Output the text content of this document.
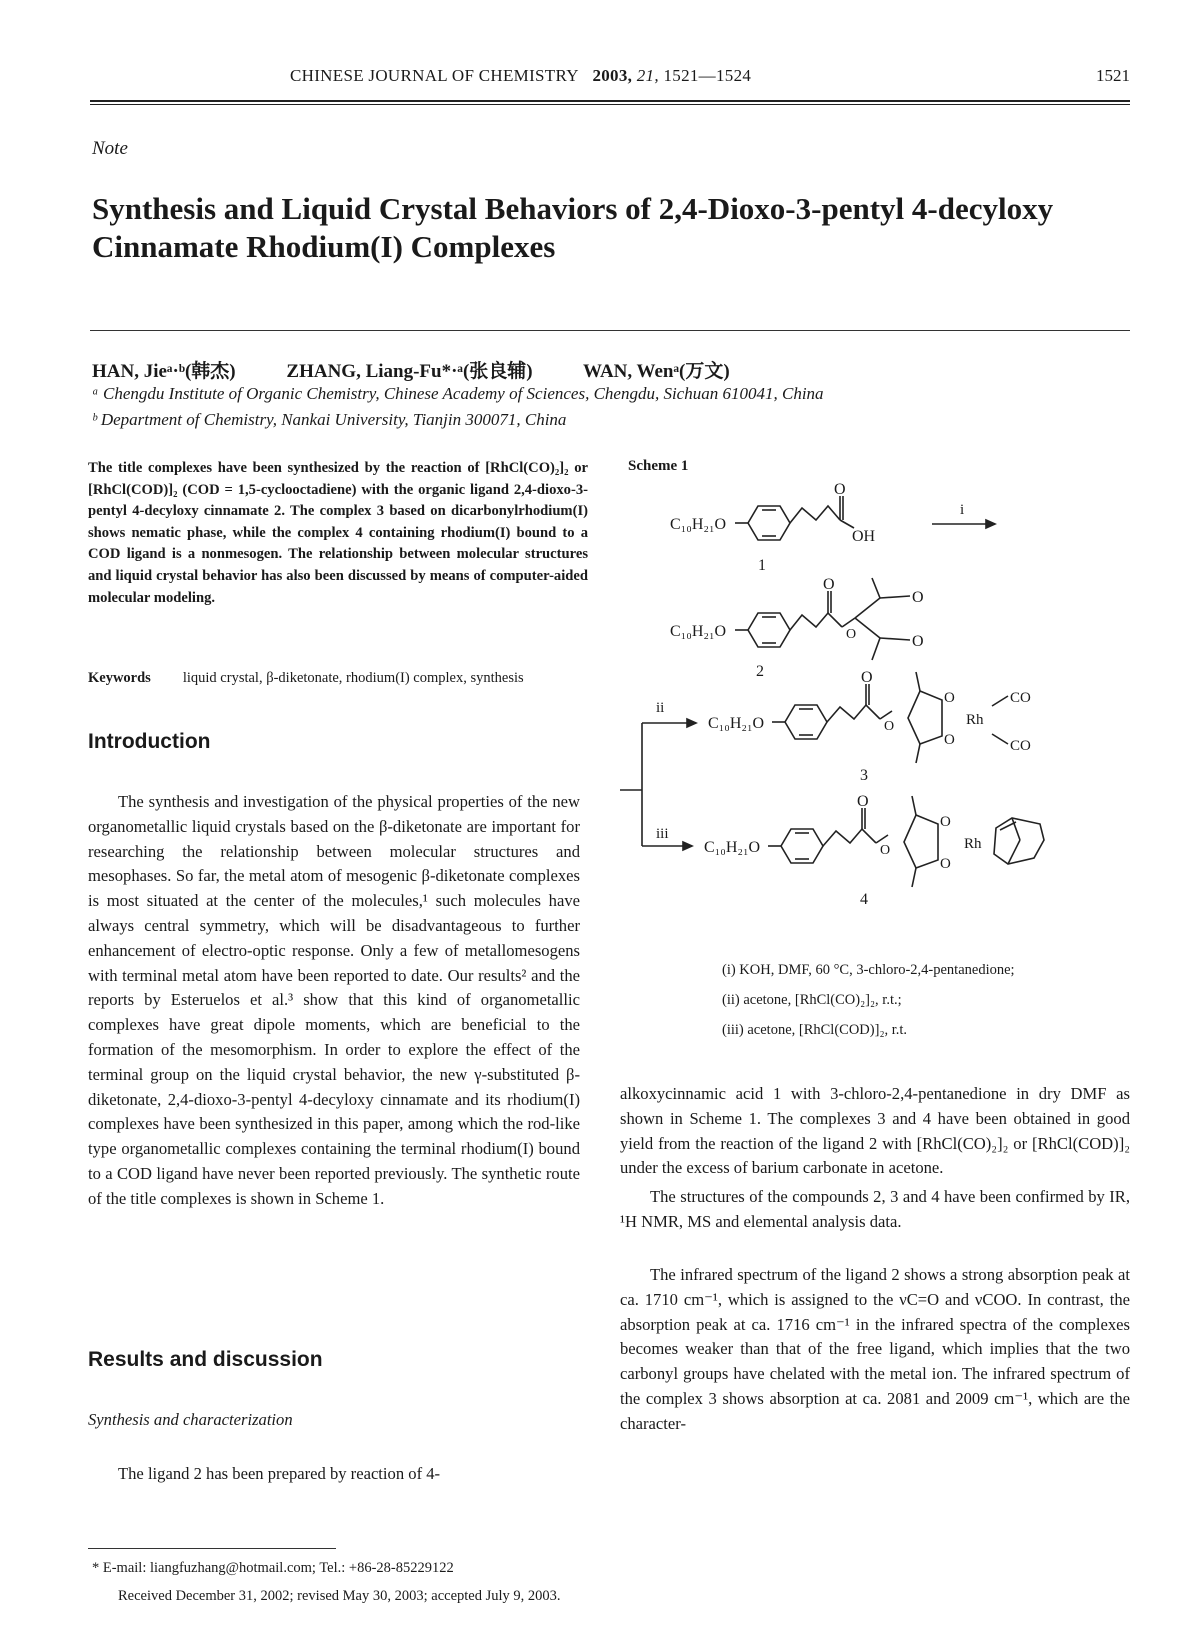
CHINESE JOURNAL OF CHEMISTRY 2003, 21, 1521—1524	1521
Note
Synthesis and Liquid Crystal Behaviors of 2,4-Dioxo-3-pentyl 4-decyloxy Cinnamate Rhodium(I) Complexes
HAN, Jieᵃ·ᵇ(韩杰)	ZHANG, Liang-Fu*·ᵃ(张良辅)	WAN, Wenᵃ(万文)
ᵃ Chengdu Institute of Organic Chemistry, Chinese Academy of Sciences, Chengdu, Sichuan 610041, China
ᵇ Department of Chemistry, Nankai University, Tianjin 300071, China
The title complexes have been synthesized by the reaction of [RhCl(CO)₂]₂ or [RhCl(COD)]₂ (COD = 1,5-cyclooctadiene) with the organic ligand 2,4-dioxo-3-pentyl 4-decyloxy cinnamate 2. The complex 3 based on dicarbonylrhodium(I) shows nematic phase, while the complex 4 containing rhodium(I) bound to a COD ligand is a nonmesogen. The relationship between molecular structures and liquid crystal behavior has also been discussed by means of computer-aided molecular modeling.
Keywords liquid crystal, β-diketonate, rhodium(I) complex, synthesis
Introduction

The synthesis and investigation of the physical properties of the new organometallic liquid crystals based on the β-diketonate are important for researching the relationship between molecular structures and mesophases. So far, the metal atom of mesogenic β-diketonate complexes is most situated at the center of the molecules,¹ such molecules have always central symmetry, which will be disadvantageous to further enhancement of electro-optic response. Only a few of metallomesogens with terminal metal atom have been reported to date. Our results² and the reports by Esteruelos et al.³ show that this kind of organometallic complexes have great dipole moments, which are beneficial to the formation of the mesomorphism. In order to explore the effect of the terminal group on the liquid crystal behavior, the new γ-substituted β-diketonate, 2,4-dioxo-3-pentyl 4-decyloxy cinnamate and its rhodium(I) complexes have been synthesized in this paper, among which the rod-like type organometallic complexes containing the terminal rhodium(I) bound to a COD ligand have never been reported previously. The synthetic route of the title complexes is shown in Scheme 1.

Results and discussion
Synthesis and characterization

The ligand 2 has been prepared by reaction of 4-

Scheme 1
C₁₀H₂₁O
O
OH
1
i
C₁₀H₂₁O
O
O
O
O
2
ii
C₁₀H₂₁O
O
O
O
O
Rh
CO
CO
3
iii
C₁₀H₂₁O
O
O
O
O
Rh
4
(i) KOH, DMF, 60 °C, 3-chloro-2,4-pentanedione;
(ii) acetone, [RhCl(CO)₂]₂, r.t.;
(iii) acetone, [RhCl(COD)]₂, r.t.

alkoxycinnamic acid 1 with 3-chloro-2,4-pentanedione in dry DMF as shown in Scheme 1. The complexes 3 and 4 have been obtained in good yield from the reaction of the ligand 2 with [RhCl(CO)₂]₂ or [RhCl(COD)]₂ under the excess of barium carbonate in acetone.

The structures of the compounds 2, 3 and 4 have been confirmed by IR, ¹H NMR, MS and elemental analysis data.

The infrared spectrum of the ligand 2 shows a strong absorption peak at ca. 1710 cm⁻¹, which is assigned to the νC=O and νCOO. In contrast, the absorption peak at ca. 1716 cm⁻¹ in the infrared spectra of the complexes becomes weaker than that of the free ligand, which implies that the two carbonyl groups have chelated with the metal ion. The infrared spectrum of the complex 3 shows absorption at ca. 2081 and 2009 cm⁻¹, which are the character-

* E-mail: liangfuzhang@hotmail.com; Tel.: +86-28-85229122
Received December 31, 2002; revised May 30, 2003; accepted July 9, 2003.
